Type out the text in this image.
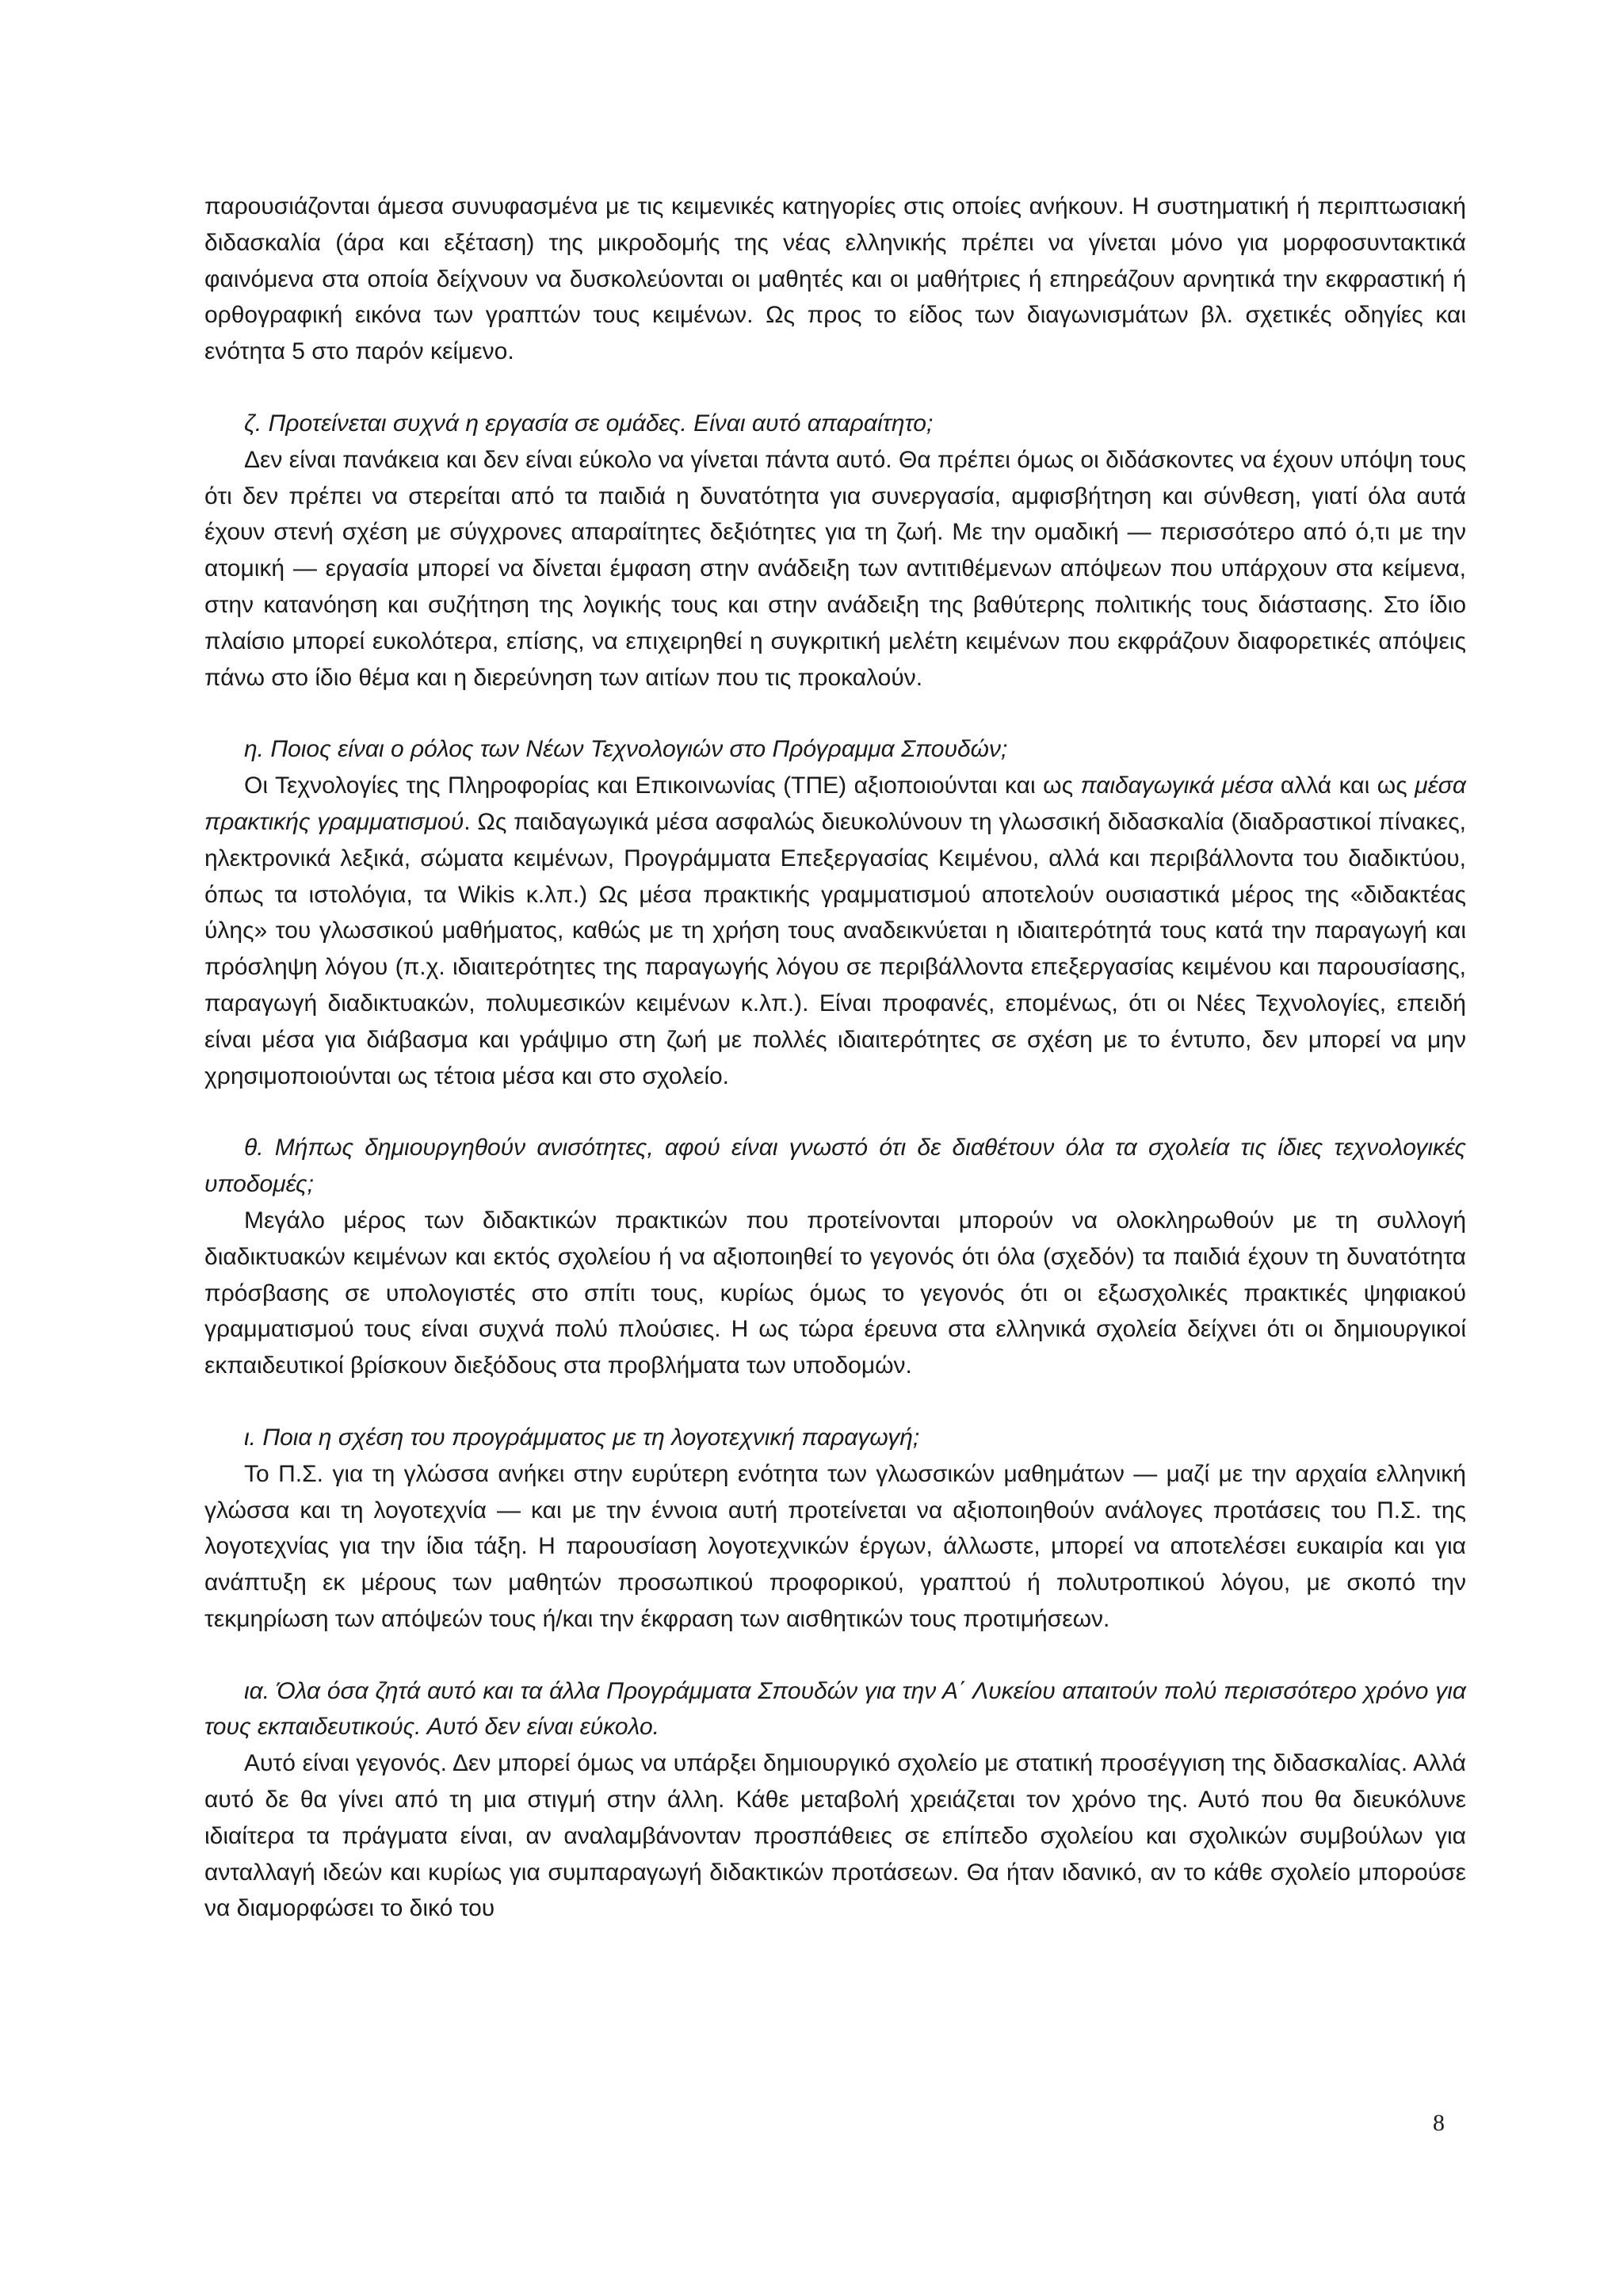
παρουσιάζονται άμεσα συνυφασμένα με τις κειμενικές κατηγορίες στις οποίες ανήκουν. Η συστηματική ή περιπτωσιακή διδασκαλία (άρα και εξέταση) της μικροδομής της νέας ελληνικής πρέπει να γίνεται μόνο για μορφοσυντακτικά φαινόμενα στα οποία δείχνουν να δυσκολεύονται οι μαθητές και οι μαθήτριες ή επηρεάζουν αρνητικά την εκφραστική ή ορθογραφική εικόνα των γραπτών τους κειμένων. Ως προς το είδος των διαγωνισμάτων βλ. σχετικές οδηγίες και ενότητα 5 στο παρόν κείμενο.

ζ. Προτείνεται συχνά η εργασία σε ομάδες. Είναι αυτό απαραίτητο;

Δεν είναι πανάκεια και δεν είναι εύκολο να γίνεται πάντα αυτό. Θα πρέπει όμως οι διδάσκοντες να έχουν υπόψη τους ότι δεν πρέπει να στερείται από τα παιδιά η δυνατότητα για συνεργασία, αμφισβήτηση και σύνθεση, γιατί όλα αυτά έχουν στενή σχέση με σύγχρονες απαραίτητες δεξιότητες για τη ζωή. Με την ομαδική — περισσότερο από ό,τι με την ατομική — εργασία μπορεί να δίνεται έμφαση στην ανάδειξη των αντιτιθέμενων απόψεων που υπάρχουν στα κείμενα, στην κατανόηση και συζήτηση της λογικής τους και στην ανάδειξη της βαθύτερης πολιτικής τους διάστασης. Στο ίδιο πλαίσιο μπορεί ευκολότερα, επίσης, να επιχειρηθεί η συγκριτική μελέτη κειμένων που εκφράζουν διαφορετικές απόψεις πάνω στο ίδιο θέμα και η διερεύνηση των αιτίων που τις προκαλούν.

η. Ποιος είναι ο ρόλος των Νέων Τεχνολογιών στο Πρόγραμμα Σπουδών;

Οι Τεχνολογίες της Πληροφορίας και Επικοινωνίας (ΤΠΕ) αξιοποιούνται και ως παιδαγωγικά μέσα αλλά και ως μέσα πρακτικής γραμματισμού. Ως παιδαγωγικά μέσα ασφαλώς διευκολύνουν τη γλωσσική διδασκαλία (διαδραστικοί πίνακες, ηλεκτρονικά λεξικά, σώματα κειμένων, Προγράμματα Επεξεργασίας Κειμένου, αλλά και περιβάλλοντα του διαδικτύου, όπως τα ιστολόγια, τα Wikis κ.λπ.) Ως μέσα πρακτικής γραμματισμού αποτελούν ουσιαστικά μέρος της «διδακτέας ύλης» του γλωσσικού μαθήματος, καθώς με τη χρήση τους αναδεικνύεται η ιδιαιτερότητά τους κατά την παραγωγή και πρόσληψη λόγου (π.χ. ιδιαιτερότητες της παραγωγής λόγου σε περιβάλλοντα επεξεργασίας κειμένου και παρουσίασης, παραγωγή διαδικτυακών, πολυμεσικών κειμένων κ.λπ.). Είναι προφανές, επομένως, ότι οι Νέες Τεχνολογίες, επειδή είναι μέσα για διάβασμα και γράψιμο στη ζωή με πολλές ιδιαιτερότητες σε σχέση με το έντυπο, δεν μπορεί να μην χρησιμοποιούνται ως τέτοια μέσα και στο σχολείο.

θ. Μήπως δημιουργηθούν ανισότητες, αφού είναι γνωστό ότι δε διαθέτουν όλα τα σχολεία τις ίδιες τεχνολογικές υποδομές;

Μεγάλο μέρος των διδακτικών πρακτικών που προτείνονται μπορούν να ολοκληρωθούν με τη συλλογή διαδικτυακών κειμένων και εκτός σχολείου ή να αξιοποιηθεί το γεγονός ότι όλα (σχεδόν) τα παιδιά έχουν τη δυνατότητα πρόσβασης σε υπολογιστές στο σπίτι τους, κυρίως όμως το γεγονός ότι οι εξωσχολικές πρακτικές ψηφιακού γραμματισμού τους είναι συχνά πολύ πλούσιες. Η ως τώρα έρευνα στα ελληνικά σχολεία δείχνει ότι οι δημιουργικοί εκπαιδευτικοί βρίσκουν διεξόδους στα προβλήματα των υποδομών.

ι. Ποια η σχέση του προγράμματος με τη λογοτεχνική παραγωγή;

Το Π.Σ. για τη γλώσσα ανήκει στην ευρύτερη ενότητα των γλωσσικών μαθημάτων — μαζί με την αρχαία ελληνική γλώσσα και τη λογοτεχνία — και με την έννοια αυτή προτείνεται να αξιοποιηθούν ανάλογες προτάσεις του Π.Σ. της λογοτεχνίας για την ίδια τάξη. Η παρουσίαση λογοτεχνικών έργων, άλλωστε, μπορεί να αποτελέσει ευκαιρία και για ανάπτυξη εκ μέρους των μαθητών προσωπικού προφορικού, γραπτού ή πολυτροπικού λόγου, με σκοπό την τεκμηρίωση των απόψεών τους ή/και την έκφραση των αισθητικών τους προτιμήσεων.

ια. Όλα όσα ζητά αυτό και τα άλλα Προγράμματα Σπουδών για την Α΄ Λυκείου απαιτούν πολύ περισσότερο χρόνο για τους εκπαιδευτικούς. Αυτό δεν είναι εύκολο.

Αυτό είναι γεγονός. Δεν μπορεί όμως να υπάρξει δημιουργικό σχολείο με στατική προσέγγιση της διδασκαλίας. Αλλά αυτό δε θα γίνει από τη μια στιγμή στην άλλη. Κάθε μεταβολή χρειάζεται τον χρόνο της. Αυτό που θα διευκόλυνε ιδιαίτερα τα πράγματα είναι, αν αναλαμβάνονταν προσπάθειες σε επίπεδο σχολείου και σχολικών συμβούλων για ανταλλαγή ιδεών και κυρίως για συμπαραγωγή διδακτικών προτάσεων. Θα ήταν ιδανικό, αν το κάθε σχολείο μπορούσε να διαμορφώσει το δικό του

8
